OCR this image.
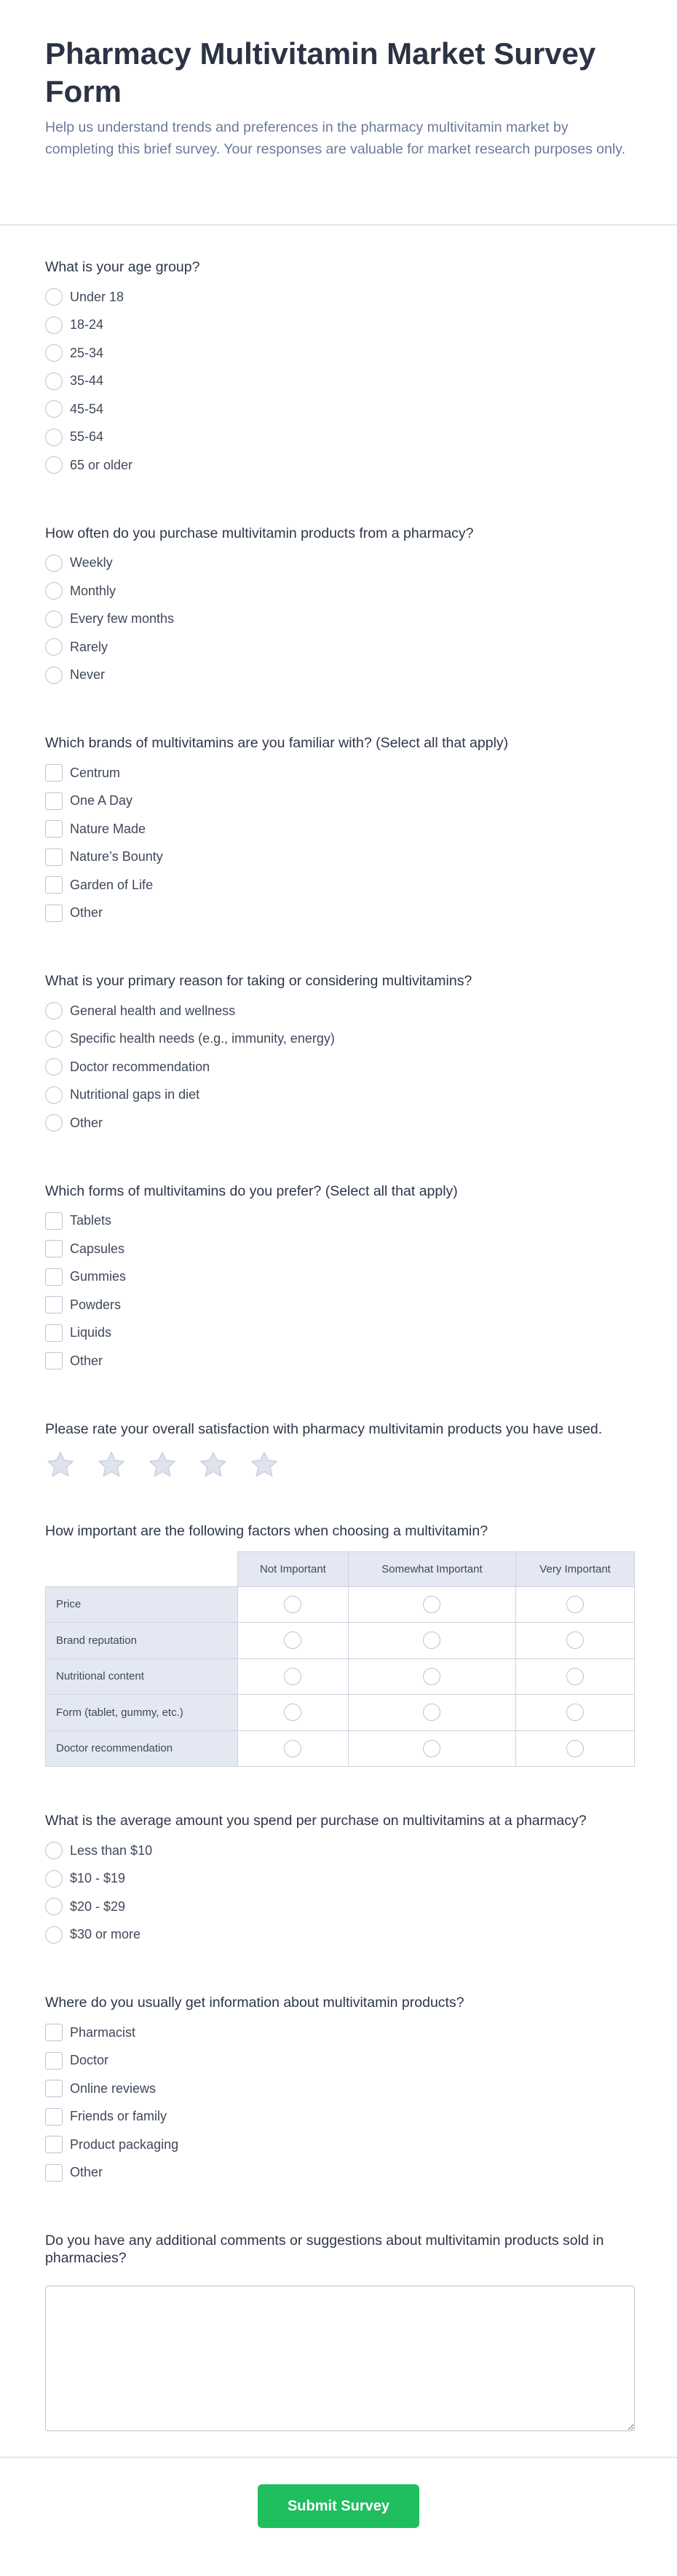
Pharmacy Multivitamin Market Survey Form

Help us understand trends and preferences in the pharmacy multivitamin market by completing this brief survey. Your responses are valuable for market research purposes only.

What is your age group?
Under 18
18-24
25-34
35-44
45-54
55-64
65 or older
How often do you purchase multivitamin products from a pharmacy?
Weekly
Monthly
Every few months
Rarely
Never
Which brands of multivitamins are you familiar with? (Select all that apply)
Centrum
One A Day
Nature Made
Nature’s Bounty
Garden of Life
Other
What is your primary reason for taking or considering multivitamins?
General health and wellness
Specific health needs (e.g., immunity, energy)
Doctor recommendation
Nutritional gaps in diet
Other
Which forms of multivitamins do you prefer? (Select all that apply)
Tablets
Capsules
Gummies
Powders
Liquids
Other
Please rate your overall satisfaction with pharmacy multivitamin products you have used.
How important are the following factors when choosing a multivitamin?
	Not Important	Somewhat Important	Very Important
Price			
Brand reputation			
Nutritional content			
Form (tablet, gummy, etc.)			
Doctor recommendation			
What is the average amount you spend per purchase on multivitamins at a pharmacy?
Less than $10
$10 - $19
$20 - $29
$30 or more
Where do you usually get information about multivitamin products?
Pharmacist
Doctor
Online reviews
Friends or family
Product packaging
Other
Do you have any additional comments or suggestions about multivitamin products sold in pharmacies?
Submit Survey
